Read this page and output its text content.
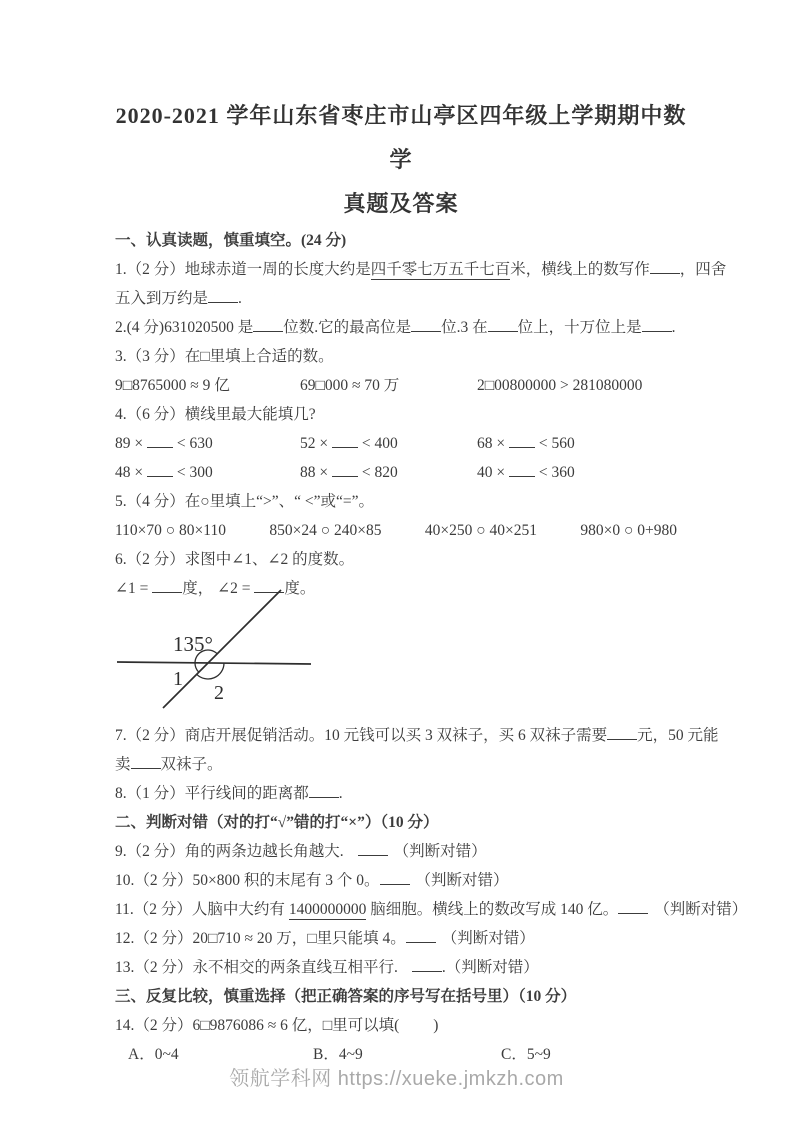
2020-2021 学年山东省枣庄市山亭区四年级上学期期中数学
真题及答案

一、认真读题，慎重填空。(24 分)

1.（2 分）地球赤道一周的长度大约是四千零七万五千七百米，横线上的数写作 ，四舍

五入到万约是 .

2.(4 分)631020500 是 位数.它的最高位是 位.3 在 位上，十万位上是 .

3.（3 分）在□里填上合适的数。

9□8765000 ≈ 9 亿	69□000 ≈ 70 万	2□00800000 > 281080000

4.（6 分）横线里最大能填几?

89 ×  < 630	52 ×  < 400	68 ×  < 560
48 ×  < 300	88 ×  < 820	40 ×  < 360

5.（4 分）在○里填上“>”、“ <”或“=”。

110×70 ○ 80×110	850×24 ○ 240×85	40×250 ○ 40×251	980×0 ○ 0+980

6.（2 分）求图中∠1、∠2 的度数。

∠1 = 度， ∠2 = 度。

135°
1
2

7.（2 分）商店开展促销活动。10 元钱可以买 3 双袜子，买 6 双袜子需要 元，50 元能

卖 双袜子。

8.（1 分）平行线间的距离都 .

二、判断对错（对的打“√”错的打“×”）（10 分）

9.（2 分）角的两条边越长角越大.	（判断对错）

10.（2 分）50×800 积的末尾有 3 个 0。 （判断对错）

11.（2 分）人脑中大约有 1400000000 脑细胞。横线上的数改写成 140 亿。 （判断对错）

12.（2 分）20□710 ≈ 20 万，□里只能填 4。 （判断对错）

13.（2 分）永不相交的两条直线互相平行.	.（判断对错）

三、反复比较，慎重选择（把正确答案的序号写在括号里）（10 分）

14.（2 分）6□9876086 ≈ 6 亿，□里可以填( )

A．0~4	B．4~9	C．5~9
领航学科网 https://xueke.jmkzh.com
